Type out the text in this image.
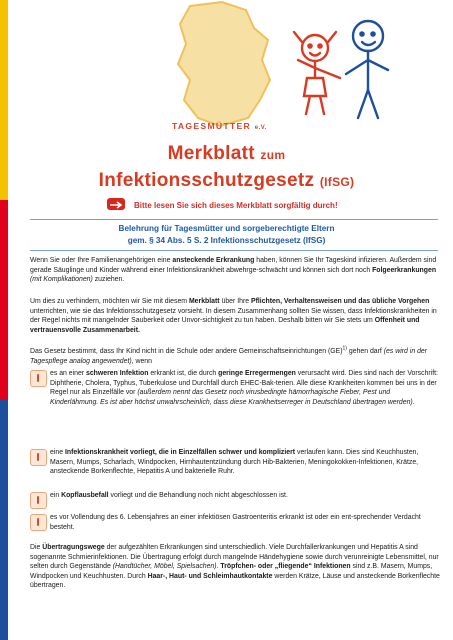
TAGESMÜTTER e.V.
Merkblatt zum
Infektionsschutzgesetz (IfSG)
Bitte lesen Sie sich dieses Merkblatt sorgfältig durch!
Belehrung für Tagesmütter und sorgeberechtigte Eltern
gem. § 34 Abs. 5 S. 2 Infektionsschutzgesetz (IfSG)
Wenn Sie oder Ihre Familienangehörigen eine ansteckende Erkrankung haben, können Sie Ihr Tageskind infizieren. Außerdem sind gerade Säuglinge und Kinder während einer Infektionskrankheit abwehrge-schwächt und können sich dort noch Folgeerkrankungen (mit Komplikationen) zuziehen.
Um dies zu verhindern, möchten wir Sie mit diesem Merkblatt über Ihre Pflichten, Verhaltensweisen und das übliche Vorgehen unterrichten, wie sie das Infektionsschutzgesetz vorsieht. In diesem Zusammenhang sollten Sie wissen, dass Infektionskrankheiten in der Regel nichts mit mangelnder Sauberkeit oder Unvor-sichtigkeit zu tun haben. Deshalb bitten wir Sie stets um Offenheit und vertrauensvolle Zusammenarbeit.
Das Gesetz bestimmt, dass Ihr Kind nicht in die Schule oder andere Gemeinschaftseinrichtungen (GE)$^{1)}$ gehen darf (es wird in der Tagespflege analog angewendet), wenn
es an einer schweren Infektion erkrankt ist, die durch geringe Erregermengen verursacht wird. Dies sind nach der Vorschrift: Diphtherie, Cholera, Typhus, Tuberkulose und Durchfall durch EHEC-Bak-terien. Alle diese Krankheiten kommen bei uns in der Regel nur als Einzelfälle vor (außerdem nennt das Gesetz noch virusbedingte hämorrhagische Fieber, Pest und Kinderlähmung. Es ist aber höchst unwahrscheinlich, dass diese Krankheitserreger in Deutschland übertragen werden).
eine Infektionskrankheit vorliegt, die in Einzelfällen schwer und kompliziert verlaufen kann. Dies sind Keuchhusten, Masern, Mumps, Scharlach, Windpocken, Hirnhautentzündung durch Hib-Bakterien, Meningokokken-Infektionen, Krätze, ansteckende Borkenflechte, Hepatitis A und bakterielle Ruhr.
ein Kopflausbefall vorliegt und die Behandlung noch nicht abgeschlossen ist.
es vor Vollendung des 6. Lebensjahres an einer infektiösen Gastroenteritis erkrankt ist oder ein ent-sprechender Verdacht besteht.
Die Übertragungswege der aufgezählten Erkrankungen sind unterschiedlich. Viele Durchfallerkrankungen und Hepatitis A sind sogenannte Schmierinfektionen. Die Übertragung erfolgt durch mangelnde Händehygiene sowie durch verunreinigte Lebensmittel, nur selten durch Gegenstände (Handtücher, Möbel, Spielsachen). Tröpfchen- oder „fliegende“ Infektionen sind z.B. Masern, Mumps, Windpocken und Keuchhusten. Durch Haar-, Haut- und Schleimhautkontakte werden Krätze, Läuse und ansteckende Borkenflechte übertragen.
